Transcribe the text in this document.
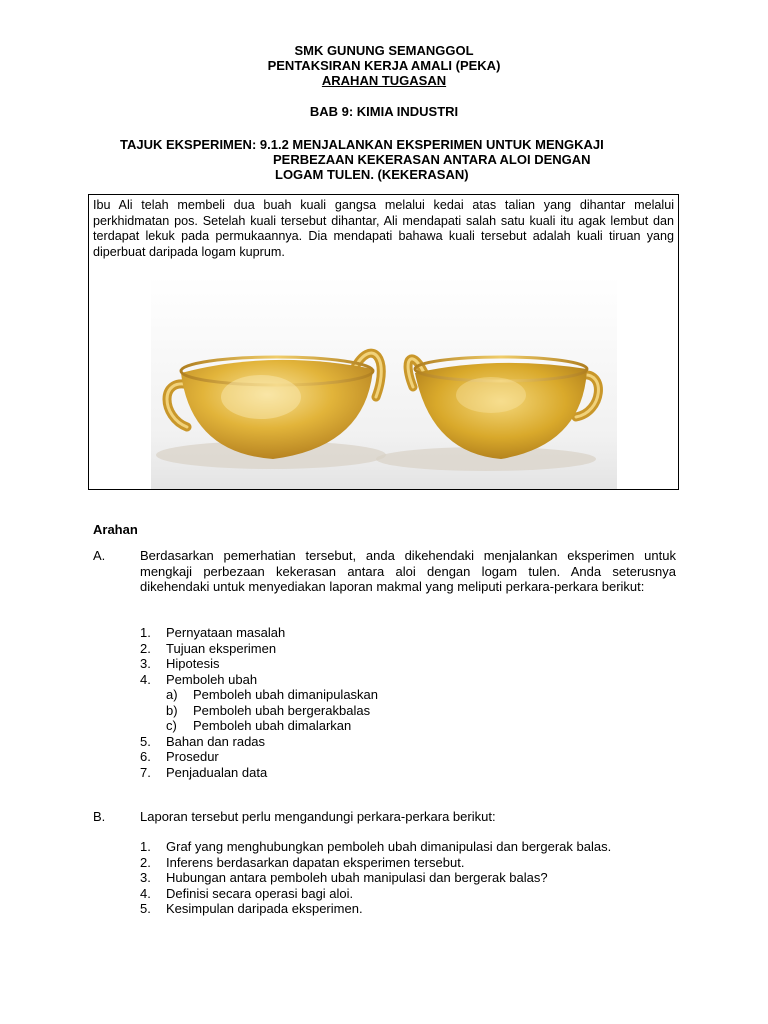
SMK GUNUNG SEMANGGOL
PENTAKSIRAN KERJA AMALI (PEKA)
ARAHAN TUGASAN
BAB 9: KIMIA INDUSTRI
TAJUK EKSPERIMEN: 9.1.2 MENJALANKAN EKSPERIMEN UNTUK MENGKAJI
PERBEZAAN KEKERASAN ANTARA ALOI DENGAN
LOGAM TULEN. (KEKERASAN)
Ibu Ali telah membeli dua buah kuali gangsa melalui kedai atas talian yang dihantar melalui perkhidmatan pos. Setelah kuali tersebut dihantar, Ali mendapati salah satu kuali itu agak lembut dan terdapat lekuk pada permukaannya. Dia mendapati bahawa kuali tersebut adalah kuali tiruan yang diperbuat daripada logam kuprum.
Arahan
A.	Berdasarkan pemerhatian tersebut, anda dikehendaki menjalankan eksperimen untuk mengkaji perbezaan kekerasan antara aloi dengan logam tulen. Anda seterusnya dikehendaki untuk menyediakan laporan makmal yang meliputi perkara-perkara berikut:
1. Pernyataan masalah
2. Tujuan eksperimen
3. Hipotesis
4. Pemboleh ubah
a) Pemboleh ubah dimanipulaskan
b) Pemboleh ubah bergerakbalas
c) Pemboleh ubah dimalarkan
5. Bahan dan radas
6. Prosedur
7. Penjadualan data
B.	Laporan tersebut perlu mengandungi perkara-perkara berikut:
1. Graf yang menghubungkan pemboleh ubah dimanipulasi dan bergerak balas.
2. Inferens berdasarkan dapatan eksperimen tersebut.
3. Hubungan antara pemboleh ubah manipulasi dan bergerak balas?
4. Definisi secara operasi bagi aloi.
5. Kesimpulan daripada eksperimen.
